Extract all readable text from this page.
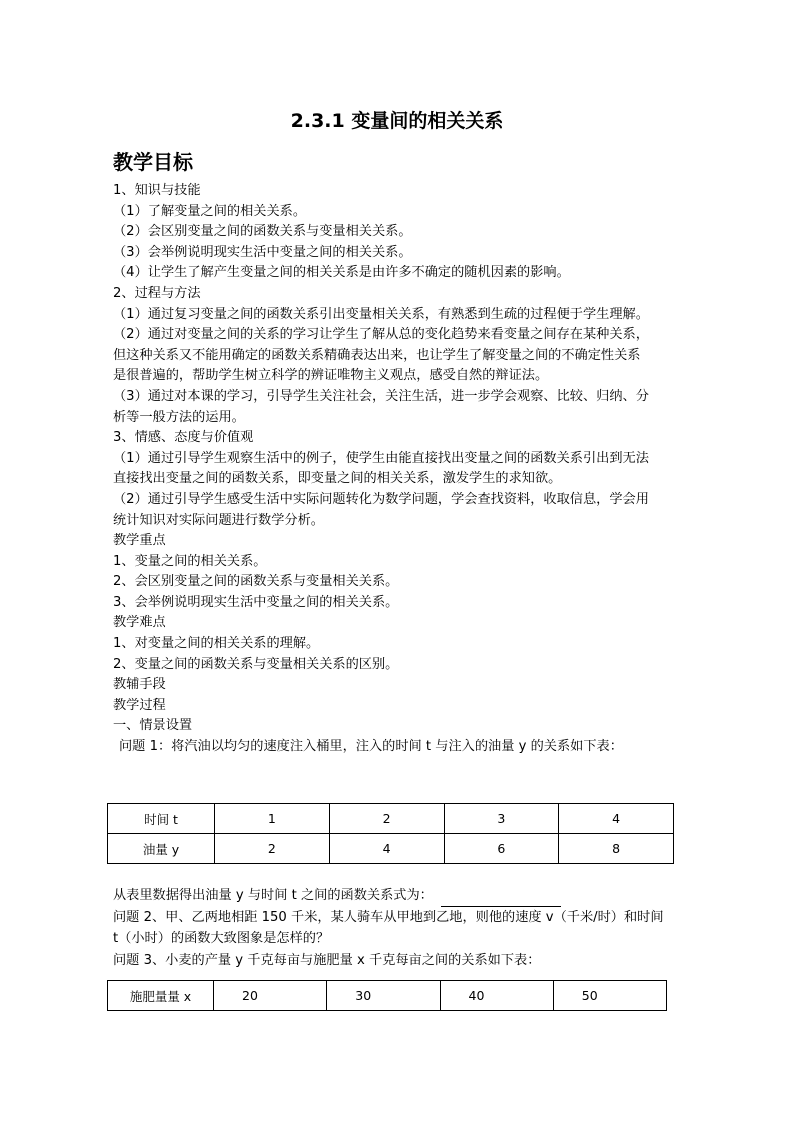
2.3.1 变量间的相关关系
教学目标
1、知识与技能
（1）了解变量之间的相关关系。
（2）会区别变量之间的函数关系与变量相关关系。
（3）会举例说明现实生活中变量之间的相关关系。
（4）让学生了解产生变量之间的相关关系是由许多不确定的随机因素的影响。
2、过程与方法
（1）通过复习变量之间的函数关系引出变量相关关系，有熟悉到生疏的过程便于学生理解。
（2）通过对变量之间的关系的学习让学生了解从总的变化趋势来看变量之间存在某种关系，
但这种关系又不能用确定的函数关系精确表达出来，也让学生了解变量之间的不确定性关系
是很普遍的，帮助学生树立科学的辨证唯物主义观点，感受自然的辩证法。
（3）通过对本课的学习，引导学生关注社会，关注生活，进一步学会观察、比较、归纳、分
析等一般方法的运用。
3、情感、态度与价值观
（1）通过引导学生观察生活中的例子，使学生由能直接找出变量之间的函数关系引出到无法
直接找出变量之间的函数关系，即变量之间的相关关系，激发学生的求知欲。
（2）通过引导学生感受生活中实际问题转化为数学问题，学会查找资料，收取信息，学会用
统计知识对实际问题进行数学分析。
教学重点
1、变量之间的相关关系。
2、会区别变量之间的函数关系与变量相关关系。
3、会举例说明现实生活中变量之间的相关关系。
教学难点
1、对变量之间的相关关系的理解。
2、变量之间的函数关系与变量相关关系的区别。
教辅手段
教学过程
一、情景设置
问题 1：将汽油以均匀的速度注入桶里，注入的时间 t 与注入的油量 y 的关系如下表：
时间 t	1	2	3	4
油量 y	2	4	6	8
从表里数据得出油量 y 与时间 t 之间的函数关系式为：
问题 2、甲、乙两地相距 150 千米，某人骑车从甲地到乙地，则他的速度 v（千米/时）和时间
t（小时）的函数大致图象是怎样的？
问题 3、小麦的产量 y 千克每亩与施肥量 x 千克每亩之间的关系如下表：
施肥量量 x	20	30	40	50
